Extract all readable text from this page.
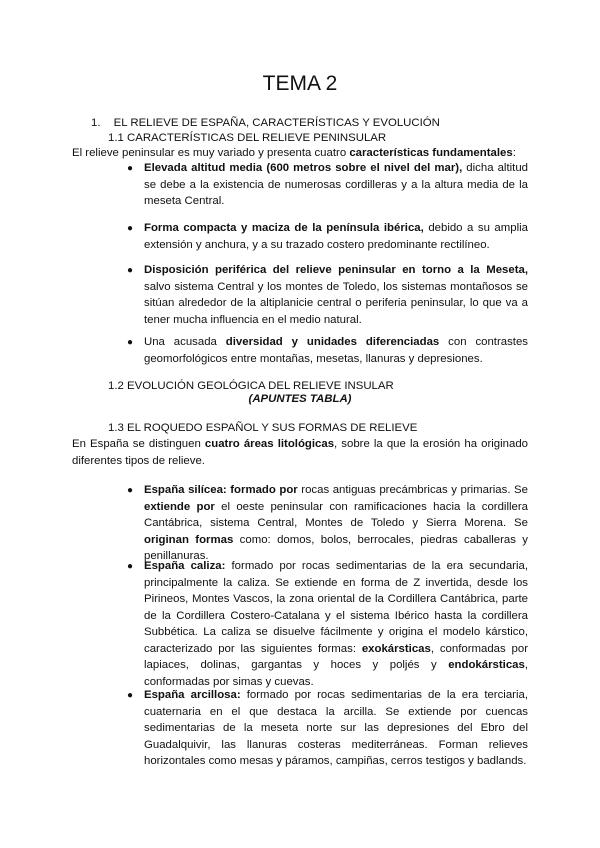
TEMA 2
1. EL RELIEVE DE ESPAÑA, CARACTERÍSTICAS Y EVOLUCIÓN
1.1 CARACTERÍSTICAS DEL RELIEVE PENINSULAR
El relieve peninsular es muy variado y presenta cuatro características fundamentales:
● Elevada altitud media (600 metros sobre el nivel del mar), dicha altitud se debe a la existencia de numerosas cordilleras y a la altura media de la meseta Central.
● Forma compacta y maciza de la península ibérica, debido a su amplia extensión y anchura, y a su trazado costero predominante rectilíneo.
● Disposición periférica del relieve peninsular en torno a la Meseta, salvo sistema Central y los montes de Toledo, los sistemas montañosos se sitúan alrededor de la altiplanicie central o periferia peninsular, lo que va a tener mucha influencia en el medio natural.
● Una acusada diversidad y unidades diferenciadas con contrastes geomorfológicos entre montañas, mesetas, llanuras y depresiones.
1.2 EVOLUCIÓN GEOLÓGICA DEL RELIEVE INSULAR
(APUNTES TABLA)
1.3 EL ROQUEDO ESPAÑOL Y SUS FORMAS DE RELIEVE
En España se distinguen cuatro áreas litológicas, sobre la que la erosión ha originado diferentes tipos de relieve.
● España silícea: formado por rocas antiguas precámbricas y primarias. Se extiende por el oeste peninsular con ramificaciones hacia la cordillera Cantábrica, sistema Central, Montes de Toledo y Sierra Morena. Se originan formas como: domos, bolos, berrocales, piedras caballeras y penillanuras.
● España caliza: formado por rocas sedimentarias de la era secundaria, principalmente la caliza. Se extiende en forma de Z invertida, desde los Pirineos, Montes Vascos, la zona oriental de la Cordillera Cantábrica, parte de la Cordillera Costero-Catalana y el sistema Ibérico hasta la cordillera Subbética. La caliza se disuelve fácilmente y origina el modelo kárstico, caracterizado por las siguientes formas: exokársticas, conformadas por lapiaces, dolinas, gargantas y hoces y poljés y endokársticas, conformadas por simas y cuevas.
● España arcillosa: formado por rocas sedimentarias de la era terciaria, cuaternaria en el que destaca la arcilla. Se extiende por cuencas sedimentarias de la meseta norte sur las depresiones del Ebro del Guadalquivir, las llanuras costeras mediterráneas. Forman relieves horizontales como mesas y páramos, campiñas, cerros testigos y badlands.
